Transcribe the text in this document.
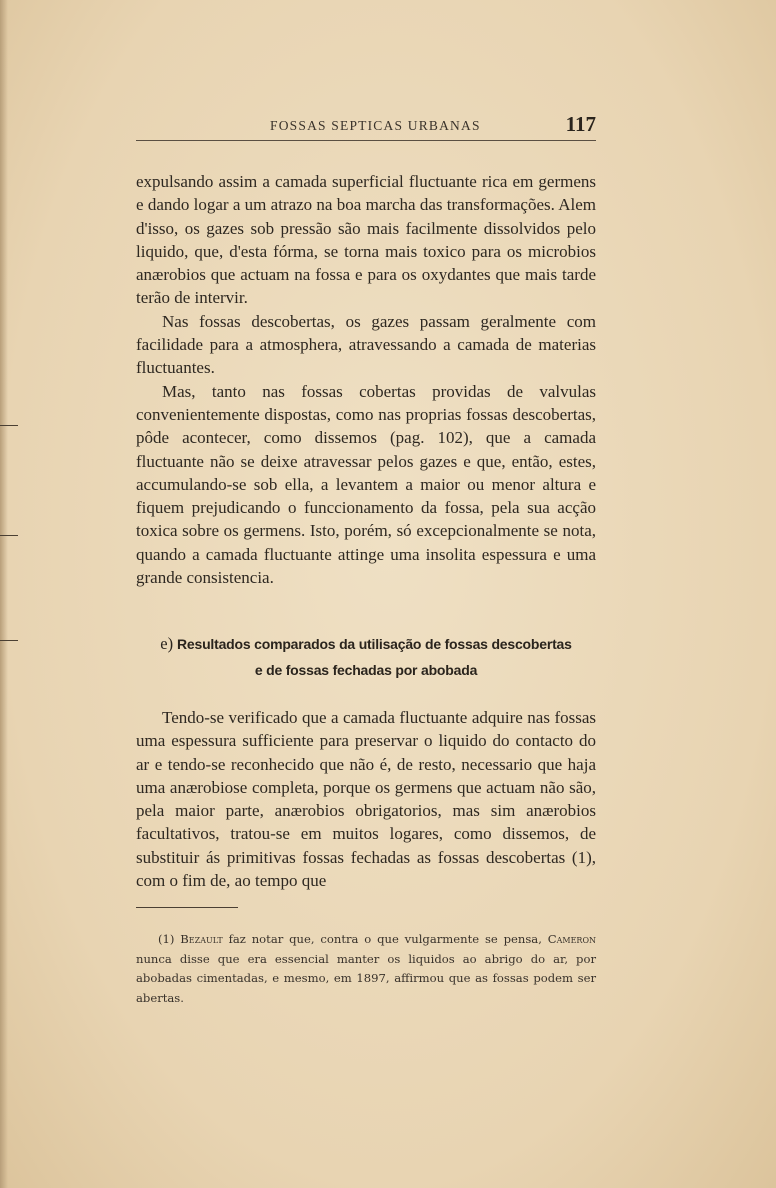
FOSSAS SEPTICAS URBANAS	117

expulsando assim a camada superficial fluctuante rica em germens e dando logar a um atrazo na boa marcha das transformações. Alem d'isso, os gazes sob pressão são mais facilmente dissolvidos pelo liquido, que, d'esta fórma, se torna mais toxico para os microbios anærobios que actuam na fossa e para os oxydantes que mais tarde terão de intervir.

Nas fossas descobertas, os gazes passam geralmente com facilidade para a atmosphera, atravessando a camada de materias fluctuantes.

Mas, tanto nas fossas cobertas providas de valvulas convenientemente dispostas, como nas proprias fossas descobertas, pôde acontecer, como dissemos (pag. 102), que a camada fluctuante não se deixe atravessar pelos gazes e que, então, estes, accumulando-se sob ella, a levantem a maior ou menor altura e fiquem prejudicando o funccionamento da fossa, pela sua acção toxica sobre os germens. Isto, porém, só excepcionalmente se nota, quando a camada fluctuante attinge uma insolita espessura e uma grande consistencia.

e) Resultados comparados da utilisação de fossas descobertas
e de fossas fechadas por abobada

Tendo-se verificado que a camada fluctuante adquire nas fossas uma espessura sufficiente para preservar o liquido do contacto do ar e tendo-se reconhecido que não é, de resto, necessario que haja uma anærobiose completa, porque os germens que actuam não são, pela maior parte, anærobios obrigatorios, mas sim anærobios facultativos, tratou-se em muitos logares, como dissemos, de substituir ás primitivas fossas fechadas as fossas descobertas (1), com o fim de, ao tempo que

(1) Bezault faz notar que, contra o que vulgarmente se pensa, Cameron nunca disse que era essencial manter os liquidos ao abrigo do ar, por abobadas cimentadas, e mesmo, em 1897, affirmou que as fossas podem ser abertas.
